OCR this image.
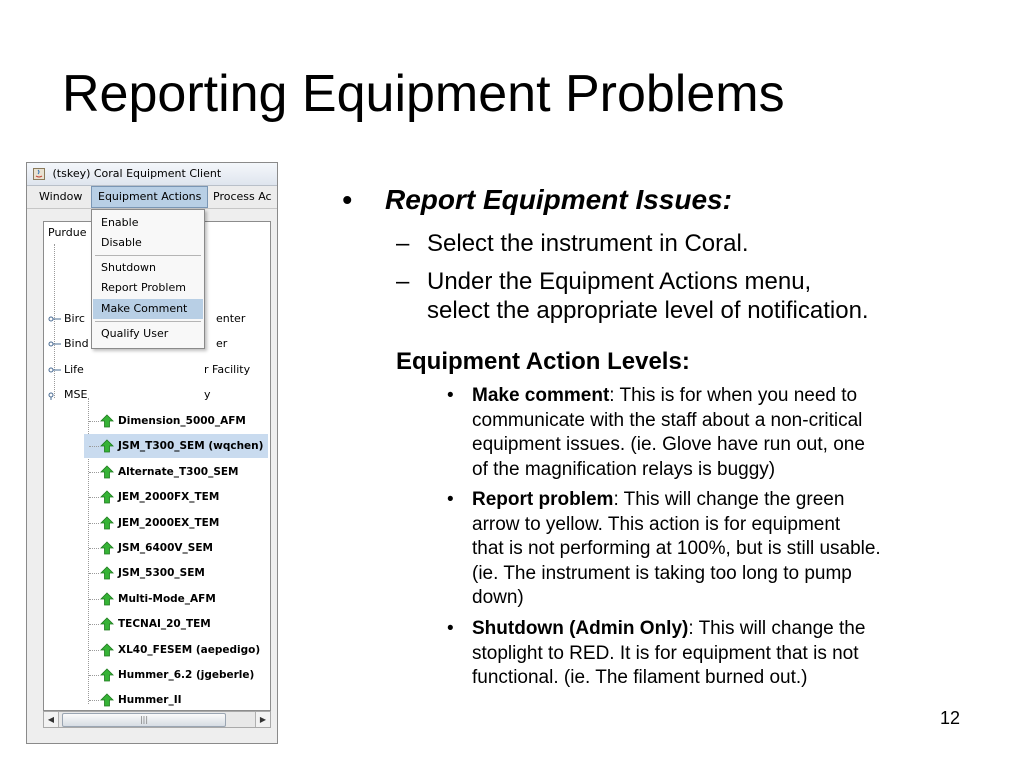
Reporting Equipment Problems
(tskey) Coral Equipment Client
Window	Equipment Actions	Process Ac
Purdue
Birc	enter
Bind	er
Life	r Facility
MSE	y
Dimension_5000_AFM
JSM_T300_SEM (wqchen)
Alternate_T300_SEM
JEM_2000FX_TEM
JEM_2000EX_TEM
JSM_6400V_SEM
JSM_5300_SEM
Multi-Mode_AFM
TECNAI_20_TEM
XL40_FESEM (aepedigo)
Hummer_6.2 (jgeberle)
Hummer_II
◀	|||	▶
Enable
Disable
Shutdown
Report Problem
Make Comment
Qualify User
• Report Equipment Issues:
– Select the instrument in Coral.
– Under the Equipment Actions menu,
select the appropriate level of notification.
Equipment Action Levels:
• Make comment: This is for when you need to
communicate with the staff about a non-critical
equipment issues. (ie. Glove have run out, one
of the magnification relays is buggy)
• Report problem: This will change the green
arrow to yellow. This action is for equipment
that is not performing at 100%, but is still usable.
(ie. The instrument is taking too long to pump
down)
• Shutdown (Admin Only): This will change the
stoplight to RED. It is for equipment that is not
functional. (ie. The filament burned out.)
12
